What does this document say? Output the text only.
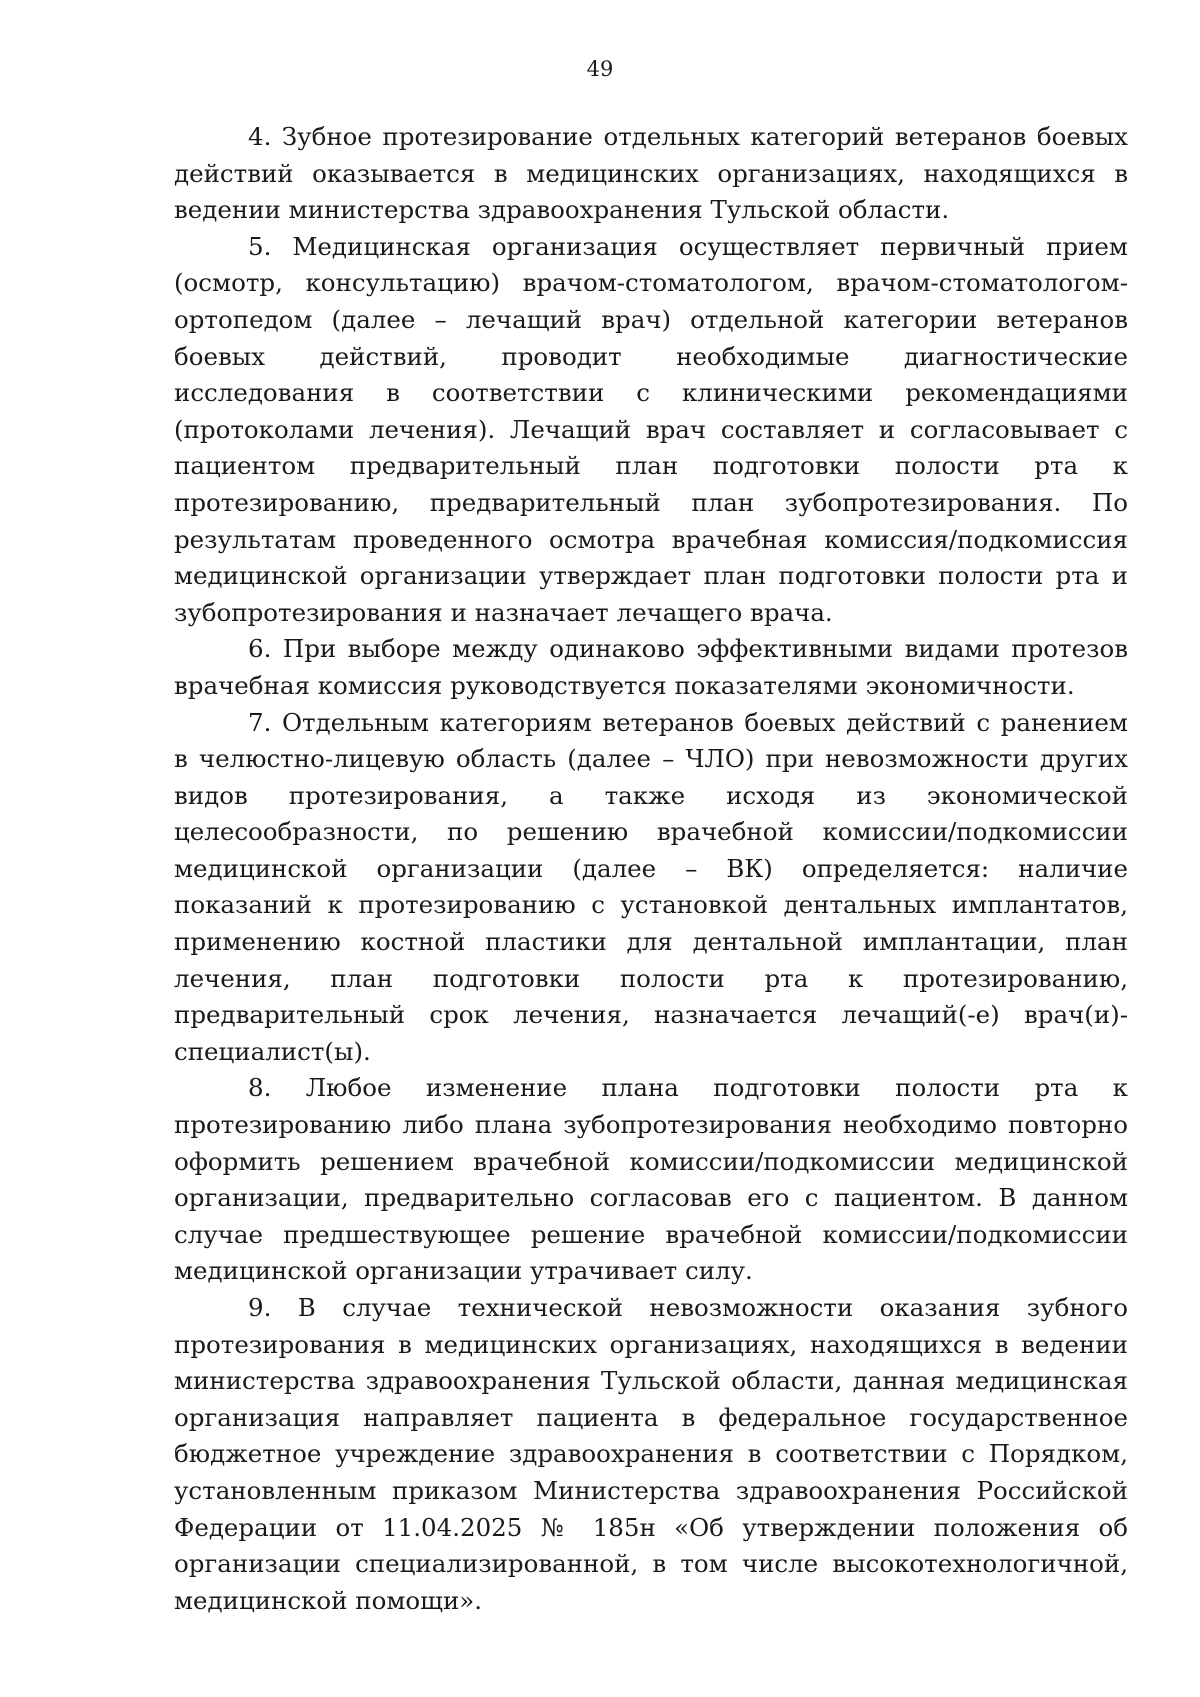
49

4. Зубное протезирование отдельных категорий ветеранов боевых действий оказывается в медицинских организациях, находящихся в ведении министерства здравоохранения Тульской области.

5. Медицинская организация осуществляет первичный прием (осмотр, консультацию) врачом-стоматологом, врачом-стоматологом-ортопедом (далее – лечащий врач) отдельной категории ветеранов боевых действий, проводит необходимые диагностические исследования в соответствии с клиническими рекомендациями (протоколами лечения). Лечащий врач составляет и согласовывает с пациентом предварительный план подготовки полости рта к протезированию, предварительный план зубопротезирования. По результатам проведенного осмотра врачебная комиссия/подкомиссия медицинской организации утверждает план подготовки полости рта и зубопротезирования и назначает лечащего врача.

6. При выборе между одинаково эффективными видами протезов врачебная комиссия руководствуется показателями экономичности.

7. Отдельным категориям ветеранов боевых действий с ранением в челюстно-лицевую область (далее – ЧЛО) при невозможности других видов протезирования, а также исходя из экономической целесообразности, по решению врачебной комиссии/подкомиссии медицинской организации (далее – ВК) определяется: наличие показаний к протезированию с установкой дентальных имплантатов, применению костной пластики для дентальной имплантации, план лечения, план подготовки полости рта к протезированию, предварительный срок лечения, назначается лечащий(-е) врач(и)-специалист(ы).

8. Любое изменение плана подготовки полости рта к протезированию либо плана зубопротезирования необходимо повторно оформить решением врачебной комиссии/подкомиссии медицинской организации, предварительно согласовав его с пациентом. В данном случае предшествующее решение врачебной комиссии/подкомиссии медицинской организации утрачивает силу.

9. В случае технической невозможности оказания зубного протезирования в медицинских организациях, находящихся в ведении министерства здравоохранения Тульской области, данная медицинская организация направляет пациента в федеральное государственное бюджетное учреждение здравоохранения в соответствии с Порядком, установленным приказом Министерства здравоохранения Российской Федерации от 11.04.2025 № 185н «Об утверждении положения об организации специализированной, в том числе высокотехнологичной, медицинской помощи».
